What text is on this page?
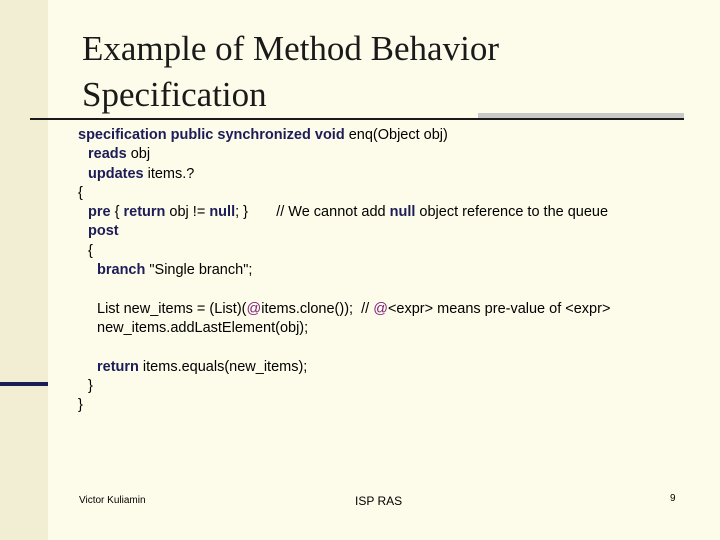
Example of Method Behavior
Specification
specification public synchronized void enq(Object obj)
reads obj
updates items.?
{
pre { return obj != null; }       // We cannot add null object reference to the queue
post
{
branch "Single branch";
List new_items = (List)(@items.clone());  // @<expr> means pre-value of <expr>
new_items.addLastElement(obj);
return items.equals(new_items);
}
}
Victor Kuliamin	ISP RAS	9
